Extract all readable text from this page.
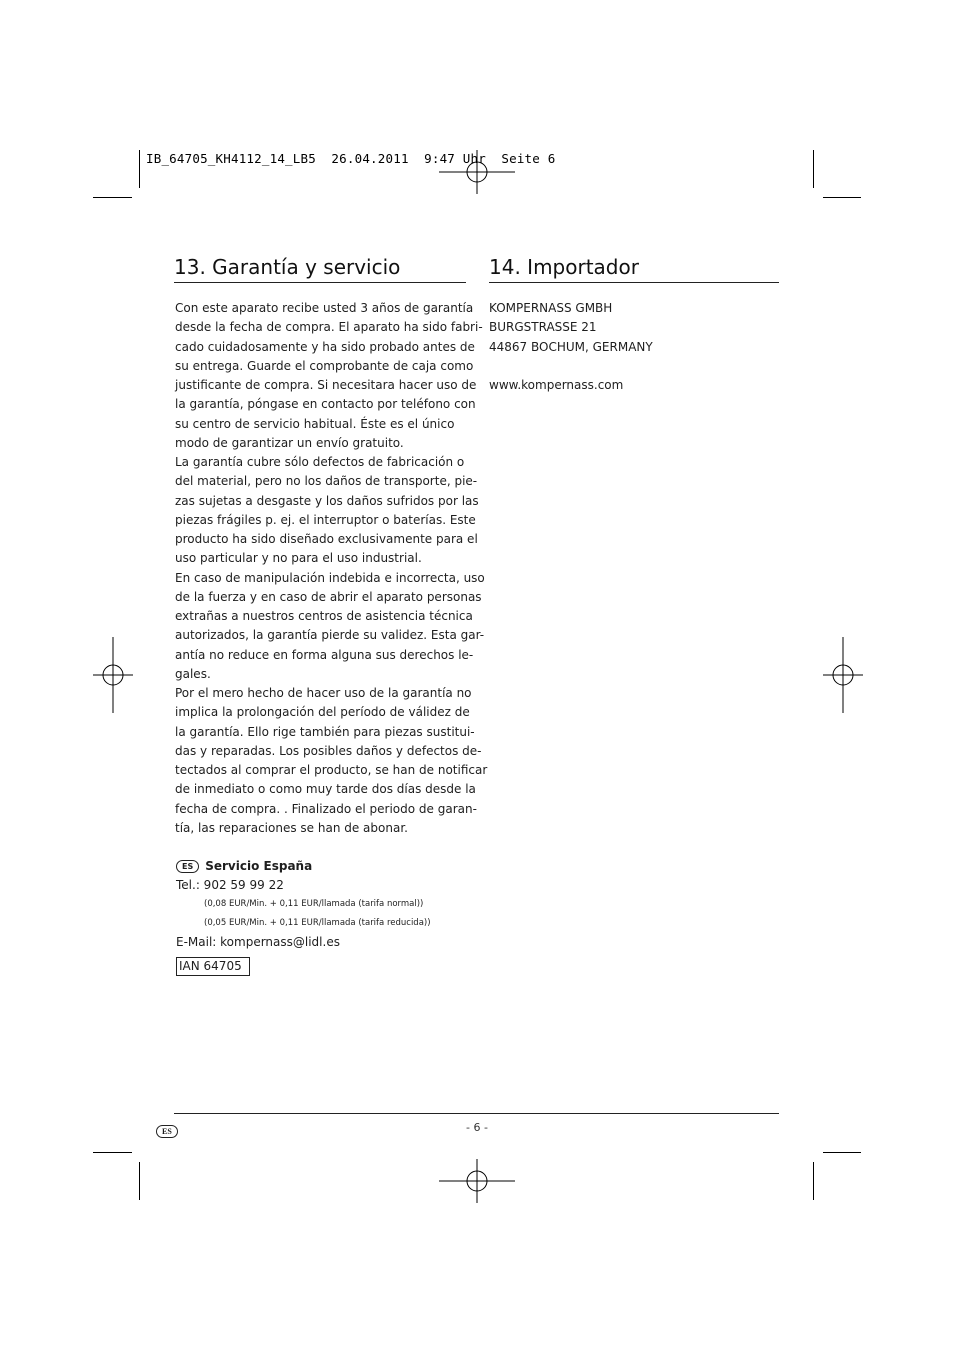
IB_64705_KH4112_14_LB5  26.04.2011  9:47 Uhr  Seite 6
13. Garantía y servicio
Con este aparato recibe usted 3 años de garantía
desde la fecha de compra. El aparato ha sido fabri-
cado cuidadosamente y ha sido probado antes de
su entrega. Guarde el comprobante de caja como
justificante de compra. Si necesitara hacer uso de
la garantía, póngase en contacto por teléfono con
su centro de servicio habitual. Éste es el único
modo de garantizar un envío gratuito.
La garantía cubre sólo defectos de fabricación o
del material, pero no los daños de transporte, pie-
zas sujetas a desgaste y los daños sufridos por las
piezas frágiles p. ej. el interruptor o baterías. Este
producto ha sido diseñado exclusivamente para el
uso particular y no para el uso industrial.
En caso de manipulación indebida e incorrecta, uso
de la fuerza y en caso de abrir el aparato personas
extrañas a nuestros centros de asistencia técnica
autorizados, la garantía pierde su validez. Esta gar-
antía no reduce en forma alguna sus derechos le-
gales.
Por el mero hecho de hacer uso de la garantía no
implica la prolongación del período de válidez de
la garantía. Ello rige también para piezas sustitui-
das y reparadas. Los posibles daños y defectos de-
tectados al comprar el producto, se han de notificar
de inmediato o como muy tarde dos días desde la
fecha de compra. . Finalizado el periodo de garan-
tía, las reparaciones se han de abonar.
ES Servicio España
Tel.: 902 59 99 22
(0,08 EUR/Min. + 0,11 EUR/llamada (tarifa normal))
(0,05 EUR/Min. + 0,11 EUR/llamada (tarifa reducida))
E-Mail: kompernass@lidl.es
IAN 64705
14. Importador
KOMPERNASS GMBH
BURGSTRASSE 21
44867 BOCHUM, GERMANY

www.kompernass.com
ES	- 6 -
